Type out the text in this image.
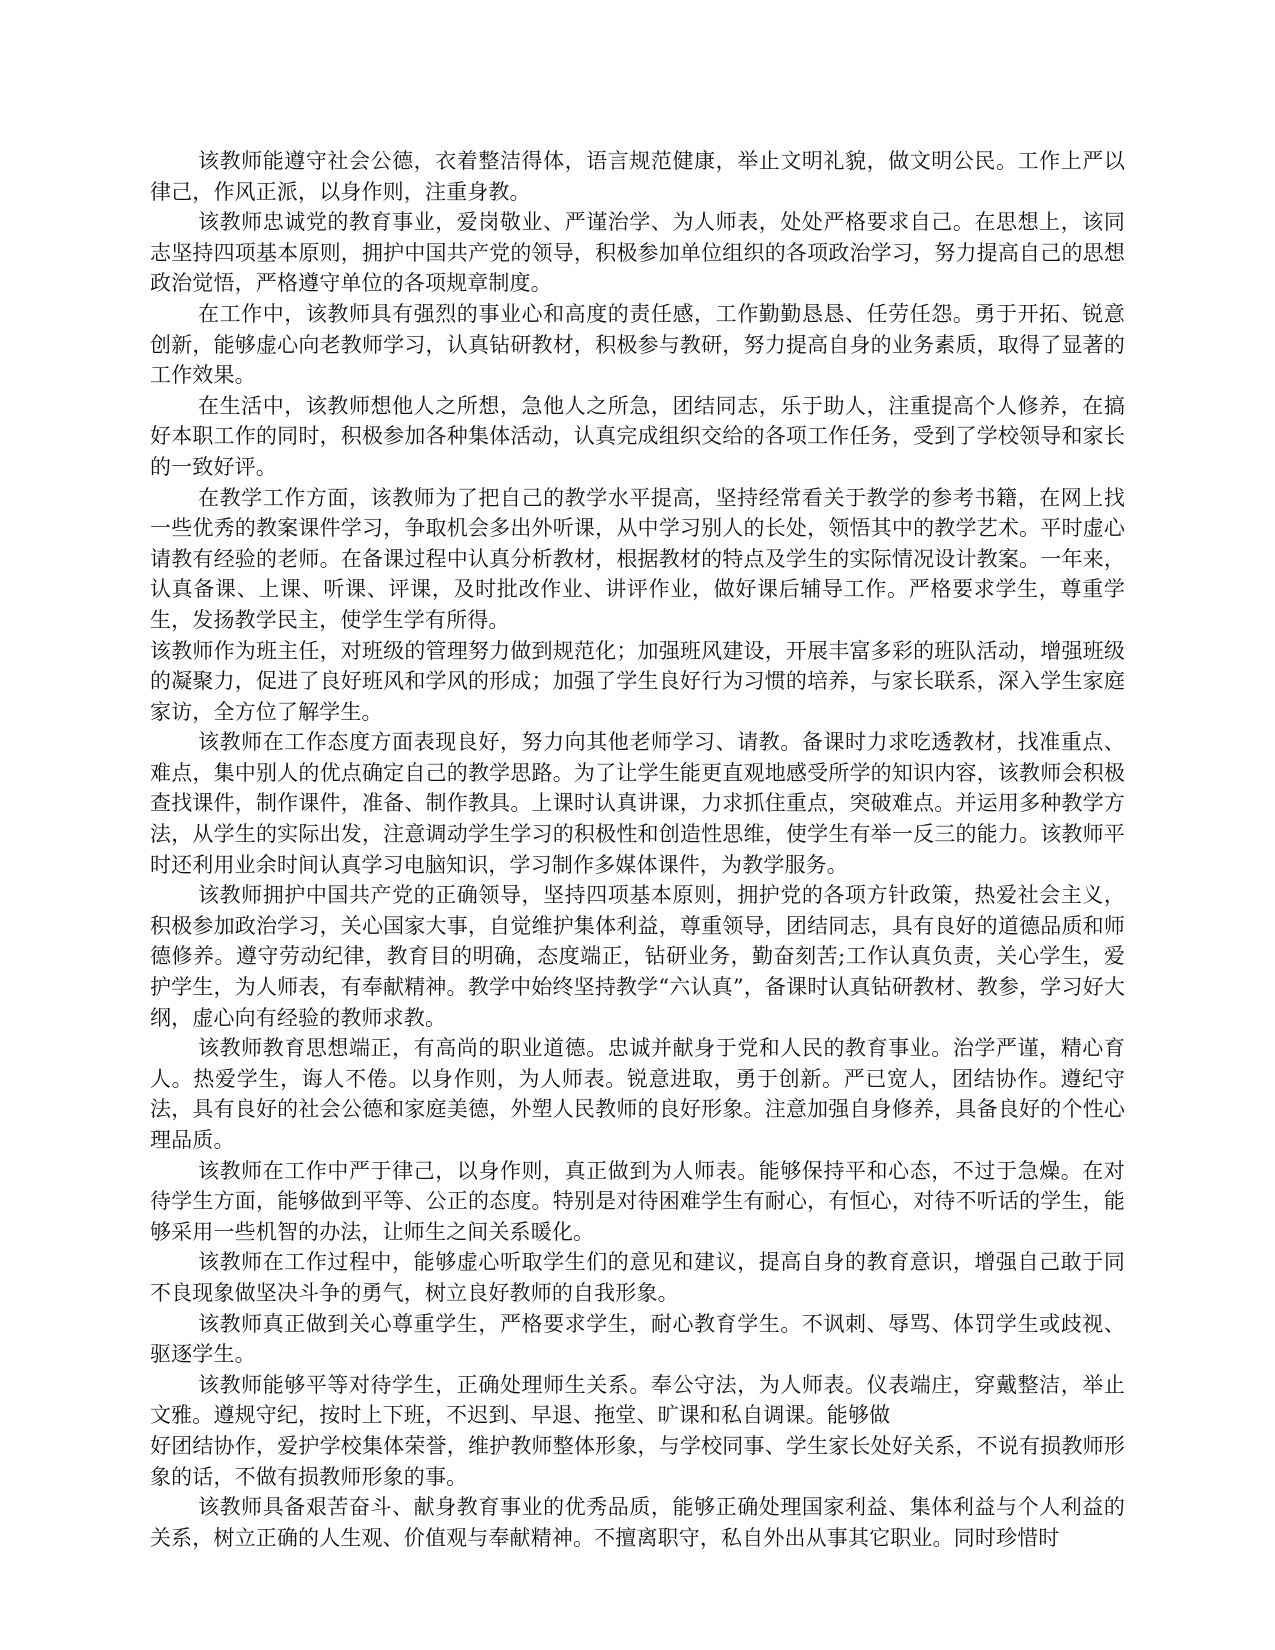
该教师能遵守社会公德，衣着整洁得体，语言规范健康，举止文明礼貌，做文明公民。工作上严以律己，作风正派，以身作则，注重身教。

该教师忠诚党的教育事业，爱岗敬业、严谨治学、为人师表，处处严格要求自己。在思想上，该同志坚持四项基本原则，拥护中国共产党的领导，积极参加单位组织的各项政治学习，努力提高自己的思想政治觉悟，严格遵守单位的各项规章制度。

在工作中，该教师具有强烈的事业心和高度的责任感，工作勤勤恳恳、任劳任怨。勇于开拓、锐意创新，能够虚心向老教师学习，认真钻研教材，积极参与教研，努力提高自身的业务素质，取得了显著的工作效果。

在生活中，该教师想他人之所想，急他人之所急，团结同志，乐于助人，注重提高个人修养，在搞好本职工作的同时，积极参加各种集体活动，认真完成组织交给的各项工作任务，受到了学校领导和家长的一致好评。

在教学工作方面，该教师为了把自己的教学水平提高，坚持经常看关于教学的参考书籍，在网上找一些优秀的教案课件学习，争取机会多出外听课，从中学习别人的长处，领悟其中的教学艺术。平时虚心请教有经验的老师。在备课过程中认真分析教材，根据教材的特点及学生的实际情况设计教案。一年来，认真备课、上课、听课、评课，及时批改作业、讲评作业，做好课后辅导工作。严格要求学生，尊重学生，发扬教学民主，使学生学有所得。

该教师作为班主任，对班级的管理努力做到规范化；加强班风建设，开展丰富多彩的班队活动，增强班级的凝聚力，促进了良好班风和学风的形成；加强了学生良好行为习惯的培养，与家长联系，深入学生家庭家访，全方位了解学生。

该教师在工作态度方面表现良好，努力向其他老师学习、请教。备课时力求吃透教材，找准重点、难点，集中别人的优点确定自己的教学思路。为了让学生能更直观地感受所学的知识内容，该教师会积极查找课件，制作课件，准备、制作教具。上课时认真讲课，力求抓住重点，突破难点。并运用多种教学方法，从学生的实际出发，注意调动学生学习的积极性和创造性思维，使学生有举一反三的能力。该教师平时还利用业余时间认真学习电脑知识，学习制作多媒体课件，为教学服务。

该教师拥护中国共产党的正确领导，坚持四项基本原则，拥护党的各项方针政策，热爱社会主义，积极参加政治学习，关心国家大事，自觉维护集体利益，尊重领导，团结同志，具有良好的道德品质和师德修养。遵守劳动纪律，教育目的明确，态度端正，钻研业务，勤奋刻苦;工作认真负责，关心学生，爱护学生，为人师表，有奉献精神。教学中始终坚持教学“六认真”，备课时认真钻研教材、教参，学习好大纲，虚心向有经验的教师求教。

该教师教育思想端正，有高尚的职业道德。忠诚并献身于党和人民的教育事业。治学严谨，精心育人。热爱学生，诲人不倦。以身作则，为人师表。锐意进取，勇于创新。严已宽人，团结协作。遵纪守法，具有良好的社会公德和家庭美德，外塑人民教师的良好形象。注意加强自身修养，具备良好的个性心理品质。

该教师在工作中严于律己，以身作则，真正做到为人师表。能够保持平和心态，不过于急燥。在对待学生方面，能够做到平等、公正的态度。特别是对待困难学生有耐心，有恒心，对待不听话的学生，能够采用一些机智的办法，让师生之间关系暖化。

该教师在工作过程中，能够虚心听取学生们的意见和建议，提高自身的教育意识，增强自己敢于同不良现象做坚决斗争的勇气，树立良好教师的自我形象。

该教师真正做到关心尊重学生，严格要求学生，耐心教育学生。不讽刺、辱骂、体罚学生或歧视、驱逐学生。

该教师能够平等对待学生，正确处理师生关系。奉公守法，为人师表。仪表端庄，穿戴整洁，举止文雅。遵规守纪，按时上下班，不迟到、早退、拖堂、旷课和私自调课。能够做

好团结协作，爱护学校集体荣誉，维护教师整体形象，与学校同事、学生家长处好关系，不说有损教师形象的话，不做有损教师形象的事。

该教师具备艰苦奋斗、献身教育事业的优秀品质，能够正确处理国家利益、集体利益与个人利益的关系，树立正确的人生观、价值观与奉献精神。不擅离职守，私自外出从事其它职业。同时珍惜时
